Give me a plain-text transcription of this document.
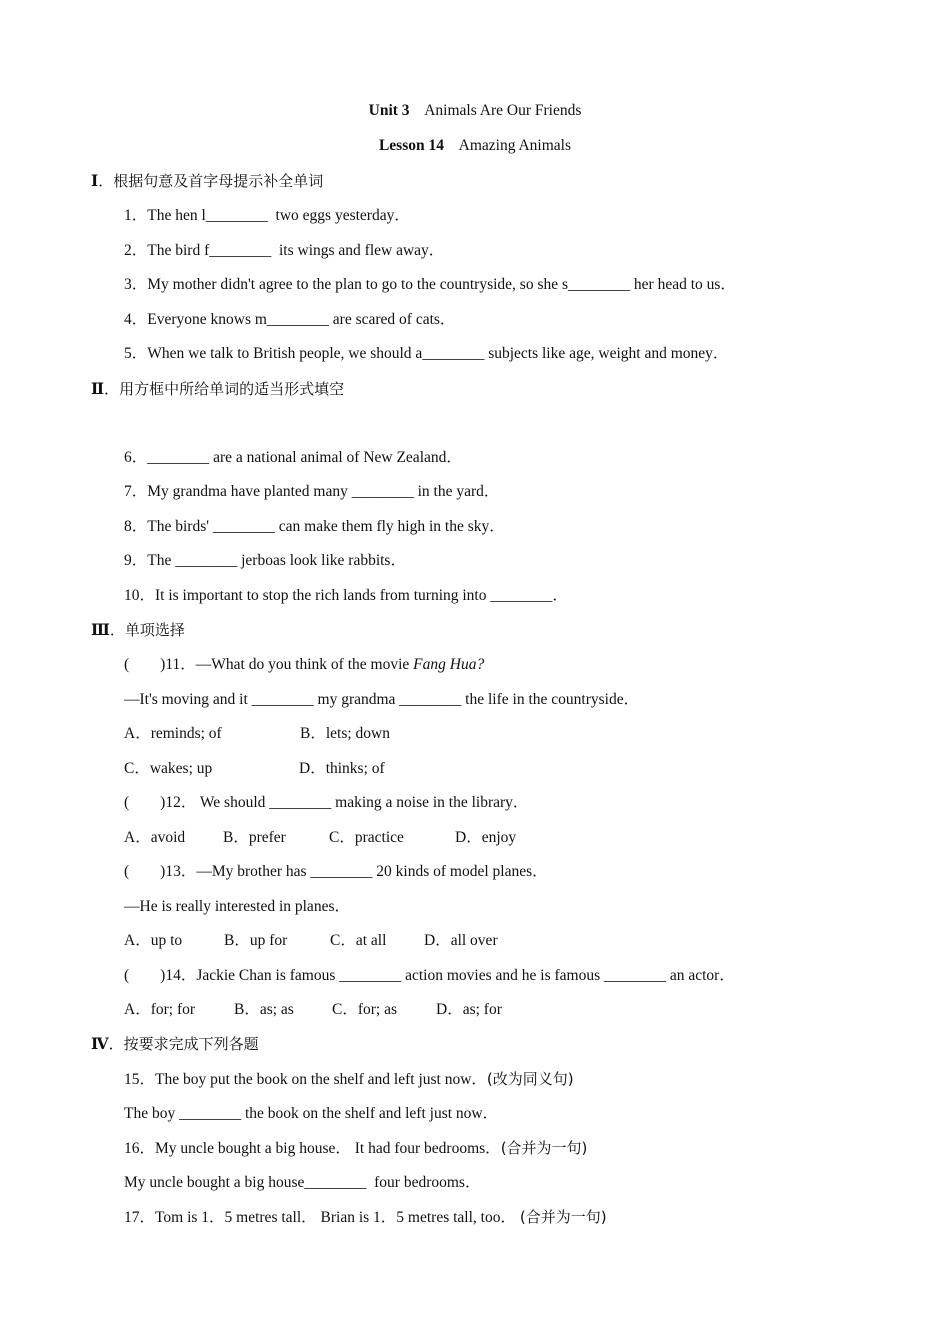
Unit 3 Animals Are Our Friends
Lesson 14 Amazing Animals
Ⅰ．根据句意及首字母提示补全单词
1．The hen l________  two eggs yesterday．
2．The bird f________  its wings and flew away．
3．My mother didn't agree to the plan to go to the countryside, so she s________ her head to us．
4．Everyone knows m________ are scared of cats．
5．When we talk to British people, we should a________ subjects like age, weight and money．
Ⅱ．用方框中所给单词的适当形式填空
6．________ are a national animal of New Zealand．
7．My grandma have planted many ________ in the yard．
8．The birds' ________ can make them fly high in the sky．
9．The ________ jerboas look like rabbits．
10．It is important to stop the rich lands from turning into ________．
Ⅲ．单项选择
(　　)11．—What do you think of the movie Fang Hua?
—It's moving and it ________ my grandma ________ the life in the countryside．

A．reminds; of

	B．lets; down

C．wakes; up

	D．thinks; of

(　　)12． We should ________ making a noise in the library．

A．avoid

B．prefer

	C．practice

	D．enjoy

(　　)13．—My brother has ________ 20 kinds of model planes．
—He is really interested in planes．

A．up to

	B．up for

	C．at all

D．all over

(　　)14．Jackie Chan is famous ________ action movies and he is famous ________ an actor．

A．for; for

	B．as; as

C．for; as

	D．as; for

Ⅳ．按要求完成下列各题
15．The boy put the book on the shelf and left just now．(改为同义句)
The boy ________ the book on the shelf and left just now．
16．My uncle bought a big house． It had four bedrooms．(合并为一句)
My uncle bought a big house________  four bedrooms．
17．Tom is 1．5 metres tall． Brian is 1．5 metres tall, too． (合并为一句)
